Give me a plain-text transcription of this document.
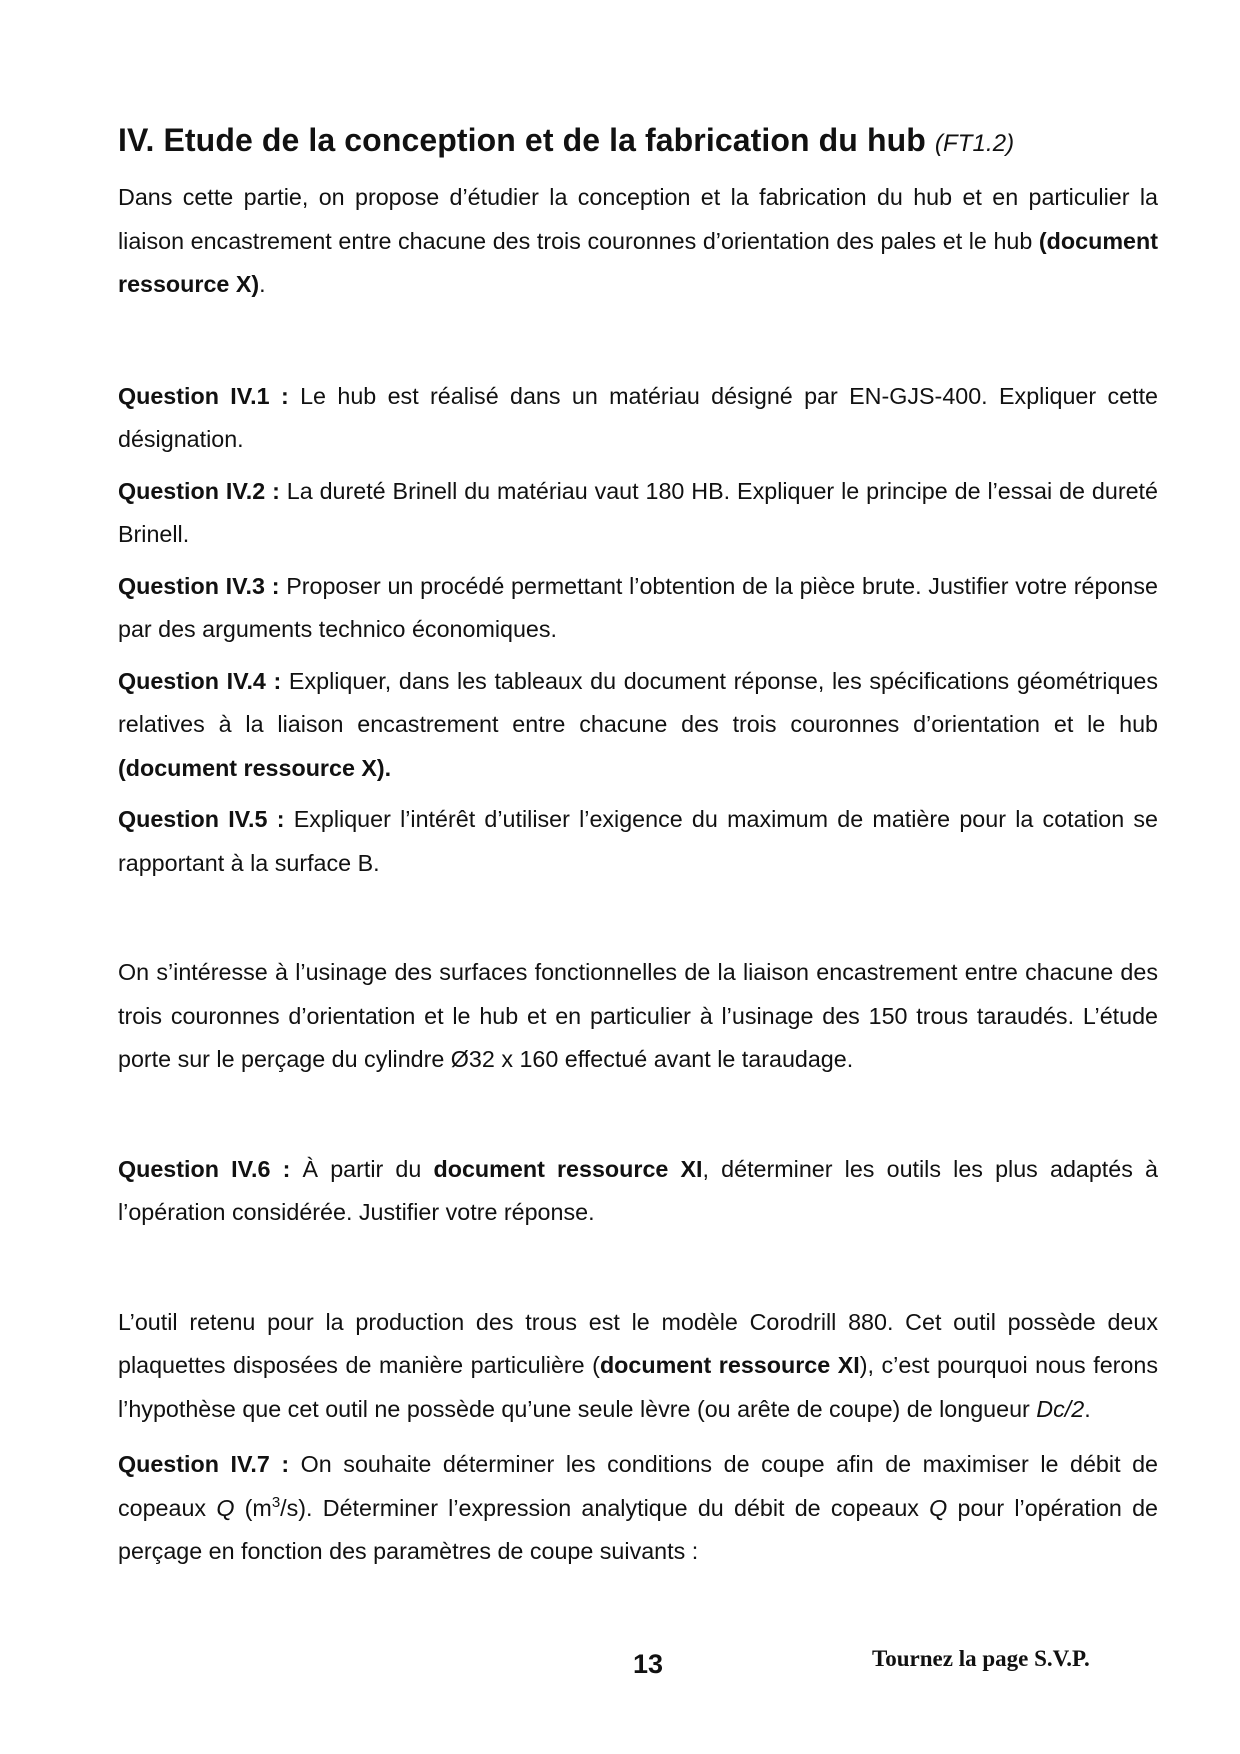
IV. Etude de la conception et de la fabrication du hub (FT1.2)

Dans cette partie, on propose d’étudier la conception et la fabrication du hub et en particulier la liaison encastrement entre chacune des trois couronnes d’orientation des pales et le hub (document ressource X).

Question IV.1 : Le hub est réalisé dans un matériau désigné par EN-GJS-400. Expliquer cette désignation.

Question IV.2 : La dureté Brinell du matériau vaut 180 HB. Expliquer le principe de l’essai de dureté Brinell.

Question IV.3 : Proposer un procédé permettant l’obtention de la pièce brute. Justifier votre réponse par des arguments technico économiques.

Question IV.4 : Expliquer, dans les tableaux du document réponse, les spécifications géométriques relatives à la liaison encastrement entre chacune des trois couronnes d’orientation et le hub (document ressource X).

Question IV.5 : Expliquer l’intérêt d’utiliser l’exigence du maximum de matière pour la cotation se rapportant à la surface B.

On s’intéresse à l’usinage des surfaces fonctionnelles de la liaison encastrement entre chacune des trois couronnes d’orientation et le hub et en particulier à l’usinage des 150 trous taraudés. L’étude porte sur le perçage du cylindre Ø32 x 160 effectué avant le taraudage.

Question IV.6 : À partir du document ressource XI, déterminer les outils les plus adaptés à l’opération considérée. Justifier votre réponse.

L’outil retenu pour la production des trous est le modèle Corodrill 880. Cet outil possède deux plaquettes disposées de manière particulière (document ressource XI), c’est pourquoi nous ferons l’hypothèse que cet outil ne possède qu’une seule lèvre (ou arête de coupe) de longueur Dc/2.

Question IV.7 : On souhaite déterminer les conditions de coupe afin de maximiser le débit de copeaux Q $(m^3/s)$. Déterminer l’expression analytique du débit de copeaux Q pour l’opération de perçage en fonction des paramètres de coupe suivants :

13	Tournez la page S.V.P.
